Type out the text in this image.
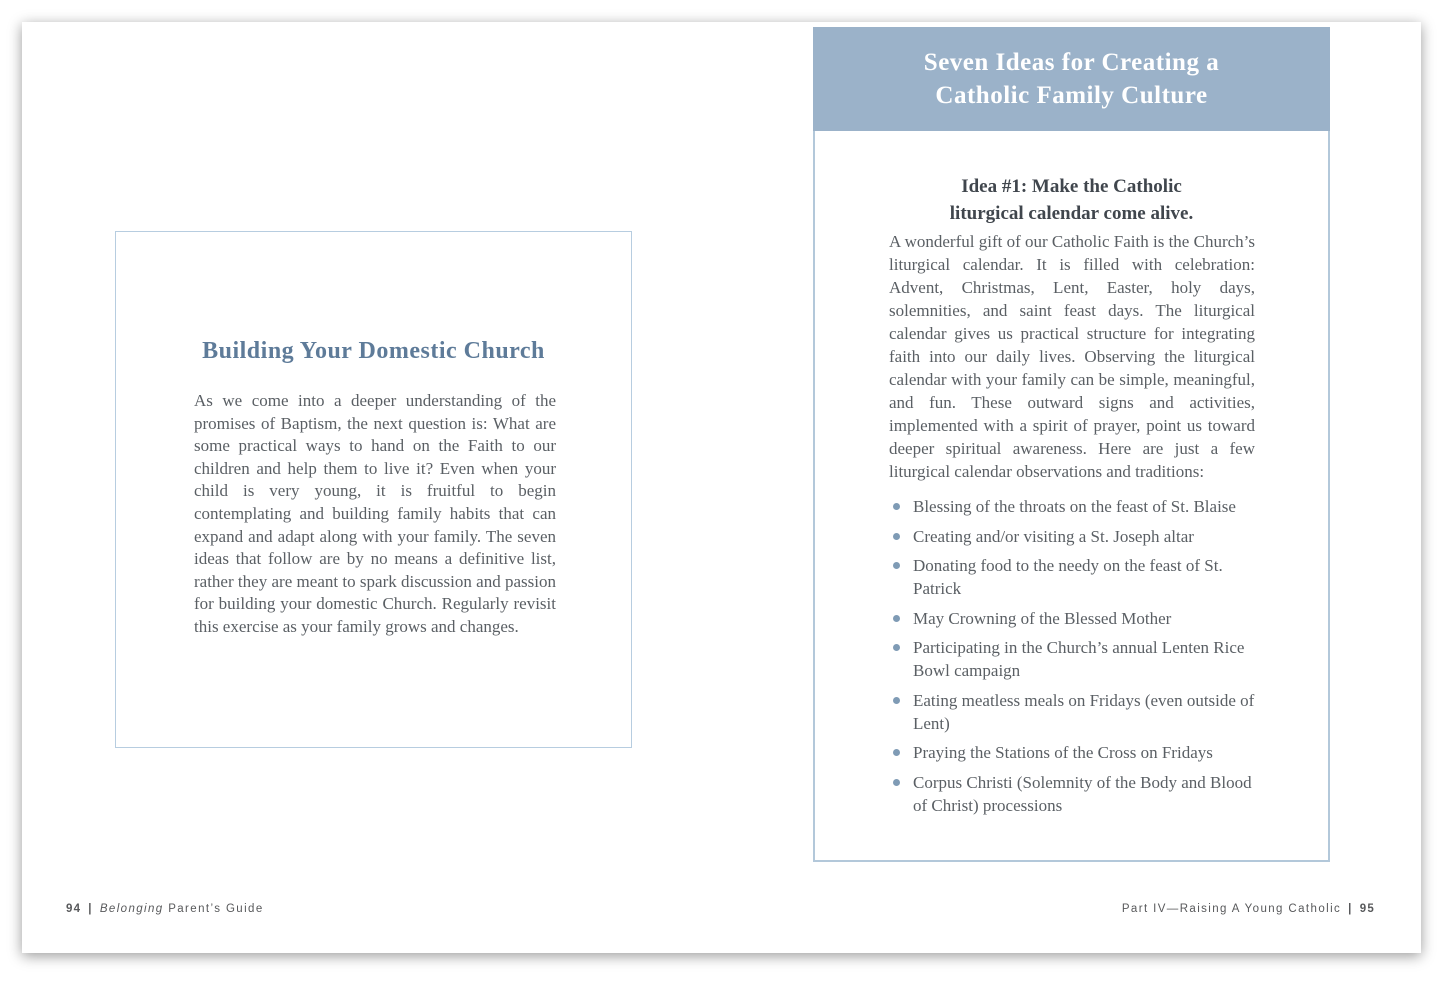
Building Your Domestic Church
As we come into a deeper understanding of the promises of Baptism, the next question is: What are some practical ways to hand on the Faith to our children and help them to live it? Even when your child is very young, it is fruitful to begin contemplating and building family habits that can expand and adapt along with your family. The seven ideas that follow are by no means a definitive list, rather they are meant to spark discussion and passion for building your domestic Church. Regularly revisit this exercise as your family grows and changes.
94 | Belonging Parent’s Guide
Seven Ideas for Creating a
Catholic Family Culture
Idea #1: Make the Catholic
liturgical calendar come alive.
A wonderful gift of our Catholic Faith is the Church’s liturgical calendar. It is filled with celebration: Advent, Christmas, Lent, Easter, holy days, solemnities, and saint feast days. The liturgical calendar gives us practical structure for integrating faith into our daily lives. Observing the liturgical calendar with your family can be simple, meaningful, and fun. These outward signs and activities, implemented with a spirit of prayer, point us toward deeper spiritual awareness. Here are just a few liturgical calendar observations and traditions:
Blessing of the throats on the feast of St. Blaise
Creating and/or visiting a St. Joseph altar
Donating food to the needy on the feast of St. Patrick
May Crowning of the Blessed Mother
Participating in the Church’s annual Lenten Rice Bowl campaign
Eating meatless meals on Fridays (even outside of Lent)
Praying the Stations of the Cross on Fridays
Corpus Christi (Solemnity of the Body and Blood of Christ) processions
Part IV—Raising A Young Catholic | 95
